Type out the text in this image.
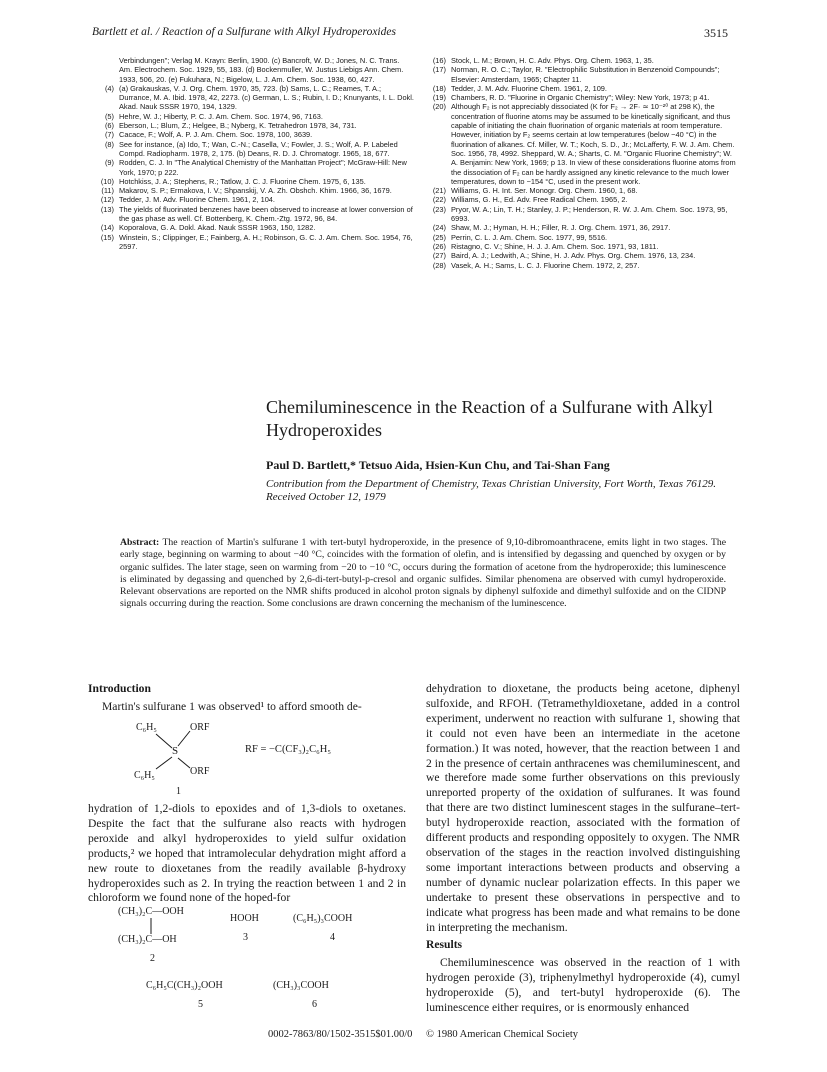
Bartlett et al. / Reaction of a Sulfurane with Alkyl Hydroperoxides	3515
Verbindungen"; Verlag M. Krayn: Berlin, 1900. (c) Bancroft, W. D.; Jones, N. C. Trans. Am. Electrochem. Soc. 1929, 55, 183. (d) Bockenmuller, W. Justus Liebigs Ann. Chem. 1933, 506, 20. (e) Fukuhara, N.; Bigelow, L. J. Am. Chem. Soc. 1938, 60, 427.
(4) (a) Grakauskas, V. J. Org. Chem. 1970, 35, 723. (b) Sams, L. C.; Reames, T. A.; Durrance, M. A. Ibid. 1978, 42, 2273. (c) German, L. S.; Rubin, I. D.; Knunyants, I. L. Dokl. Akad. Nauk SSSR 1970, 194, 1329.
(5) Hehre, W. J.; Hiberty, P. C. J. Am. Chem. Soc. 1974, 96, 7163.
(6) Eberson, L.; Blum, Z.; Helgee, B.; Nyberg, K. Tetrahedron 1978, 34, 731.
(7) Cacace, F.; Wolf, A. P. J. Am. Chem. Soc. 1978, 100, 3639.
(8) See for instance, (a) Ido, T.; Wan, C.-N.; Casella, V.; Fowler, J. S.; Wolf, A. P. Labeled Compd. Radiopharm. 1978, 2, 175. (b) Deans, R. D. J. Chromatogr. 1965, 18, 677.
(9) Rodden, C. J. In "The Analytical Chemistry of the Manhattan Project"; McGraw-Hill: New York, 1970; p 222.
(10) Hotchkiss, J. A.; Stephens, R.; Tatlow, J. C. J. Fluorine Chem. 1975, 6, 135.
(11) Makarov, S. P.; Ermakova, I. V.; Shpanskij, V. A. Zh. Obshch. Khim. 1966, 36, 1679.
(12) Tedder, J. M. Adv. Fluorine Chem. 1961, 2, 104.
(13) The yields of fluorinated benzenes have been observed to increase at lower conversion of the gas phase as well. Cf. Bottenberg, K. Chem.-Ztg. 1972, 96, 84.
(14) Koporalova, G. A. Dokl. Akad. Nauk SSSR 1963, 150, 1282.
(15) Winstein, S.; Clippinger, E.; Fainberg, A. H.; Robinson, G. C. J. Am. Chem. Soc. 1954, 76, 2597.
(16) Stock, L. M.; Brown, H. C. Adv. Phys. Org. Chem. 1963, 1, 35.
(17) Norman, R. O. C.; Taylor, R. "Electrophilic Substitution in Benzenoid Compounds"; Elsevier: Amsterdam, 1965; Chapter 11.
(18) Tedder, J. M. Adv. Fluorine Chem. 1961, 2, 109.
(19) Chambers, R. D. "Fluorine in Organic Chemistry"; Wiley: New York, 1973; p 41.
(20) Although F₂ is not appreciably dissociated (K for F₂ → 2F· ≃ 10⁻²⁰ at 298 K), the concentration of fluorine atoms may be assumed to be kinetically significant, and thus capable of initiating the chain fluorination of organic materials at room temperature. However, initiation by F₂ seems certain at low temperatures (below −40 °C) in the fluorination of alkanes. Cf. Miller, W. T.; Koch, S. D., Jr.; McLafferty, F. W. J. Am. Chem. Soc. 1956, 78, 4992. Sheppard, W. A.; Sharts, C. M. "Organic Fluorine Chemistry"; W. A. Benjamin: New York, 1969; p 13. In view of these considerations fluorine atoms from the dissociation of F₂ can be hardly assigned any kinetic relevance to the much lower temperatures, down to −154 °C, used in the present work.
(21) Williams, G. H. Int. Ser. Monogr. Org. Chem. 1960, 1, 68.
(22) Williams, G. H., Ed. Adv. Free Radical Chem. 1965, 2.
(23) Pryor, W. A.; Lin, T. H.; Stanley, J. P.; Henderson, R. W. J. Am. Chem. Soc. 1973, 95, 6993.
(24) Shaw, M. J.; Hyman, H. H.; Filler, R. J. Org. Chem. 1971, 36, 2917.
(25) Perrin, C. L. J. Am. Chem. Soc. 1977, 99, 5516.
(26) Ristagno, C. V.; Shine, H. J. J. Am. Chem. Soc. 1971, 93, 1811.
(27) Baird, A. J.; Ledwith, A.; Shine, H. J. Adv. Phys. Org. Chem. 1976, 13, 234.
(28) Vasek, A. H.; Sams, L. C. J. Fluorine Chem. 1972, 2, 257.
Chemiluminescence in the Reaction of a Sulfurane with Alkyl Hydroperoxides
Paul D. Bartlett,* Tetsuo Aida, Hsien-Kun Chu, and Tai-Shan Fang
Contribution from the Department of Chemistry, Texas Christian University, Fort Worth, Texas 76129. Received October 12, 1979
Abstract: The reaction of Martin's sulfurane 1 with tert-butyl hydroperoxide, in the presence of 9,10-dibromoanthracene, emits light in two stages. The early stage, beginning on warming to about −40 °C, coincides with the formation of olefin, and is intensified by degassing and quenched by oxygen or by organic sulfides. The later stage, seen on warming from −20 to −10 °C, occurs during the formation of acetone from the hydroperoxide; this luminescence is eliminated by degassing and quenched by 2,6-di-tert-butyl-p-cresol and organic sulfides. Similar phenomena are observed with cumyl hydroperoxide. Relevant observations are reported on the NMR shifts produced in alcohol proton signals by diphenyl sulfoxide and dimethyl sulfoxide and on the CIDNP signals occurring during the reaction. Some conclusions are drawn concerning the mechanism of the luminescence.
Introduction
Martin's sulfurane 1 was observed¹ to afford smooth de-
C₆H₅	ORF
S
C₆H₅	ORF
1
RF = −C(CF₃)₂C₆H₅
hydration of 1,2-diols to epoxides and of 1,3-diols to oxetanes. Despite the fact that the sulfurane also reacts with hydrogen peroxide and alkyl hydroperoxides to yield sulfur oxidation products,² we hoped that intramolecular dehydration might afford a new route to dioxetanes from the readily available β-hydroxy hydroperoxides such as 2. In trying the reaction between 1 and 2 in chloroform we found none of the hoped-for
(CH₃)₂C—OOH
(CH₃)₂C—OH
2
HOOH
3
(C₆H₅)₃COOH
4
C₆H₅C(CH₃)₂OOH
5
(CH₃)₃COOH
6
dehydration to dioxetane, the products being acetone, diphenyl sulfoxide, and RFOH. (Tetramethyldioxetane, added in a control experiment, underwent no reaction with sulfurane 1, showing that it could not even have been an intermediate in the acetone formation.) It was noted, however, that the reaction between 1 and 2 in the presence of certain anthracenes was chemiluminescent, and we therefore made some further observations on this previously unreported property of the oxidation of sulfuranes. It was found that there are two distinct luminescent stages in the sulfurane–tert-butyl hydroperoxide reaction, associated with the formation of different products and responding oppositely to oxygen. The NMR observation of the stages in the reaction involved distinguishing some important interactions between products and observing a number of dynamic nuclear polarization effects. In this paper we undertake to present these observations in perspective and to indicate what progress has been made and what remains to be done in interpreting the mechanism.
Results
Chemiluminescence was observed in the reaction of 1 with hydrogen peroxide (3), triphenylmethyl hydroperoxide (4), cumyl hydroperoxide (5), and tert-butyl hydroperoxide (6). The luminescence either requires, or is enormously enhanced
0002-7863/80/1502-3515$01.00/0 © 1980 American Chemical Society
